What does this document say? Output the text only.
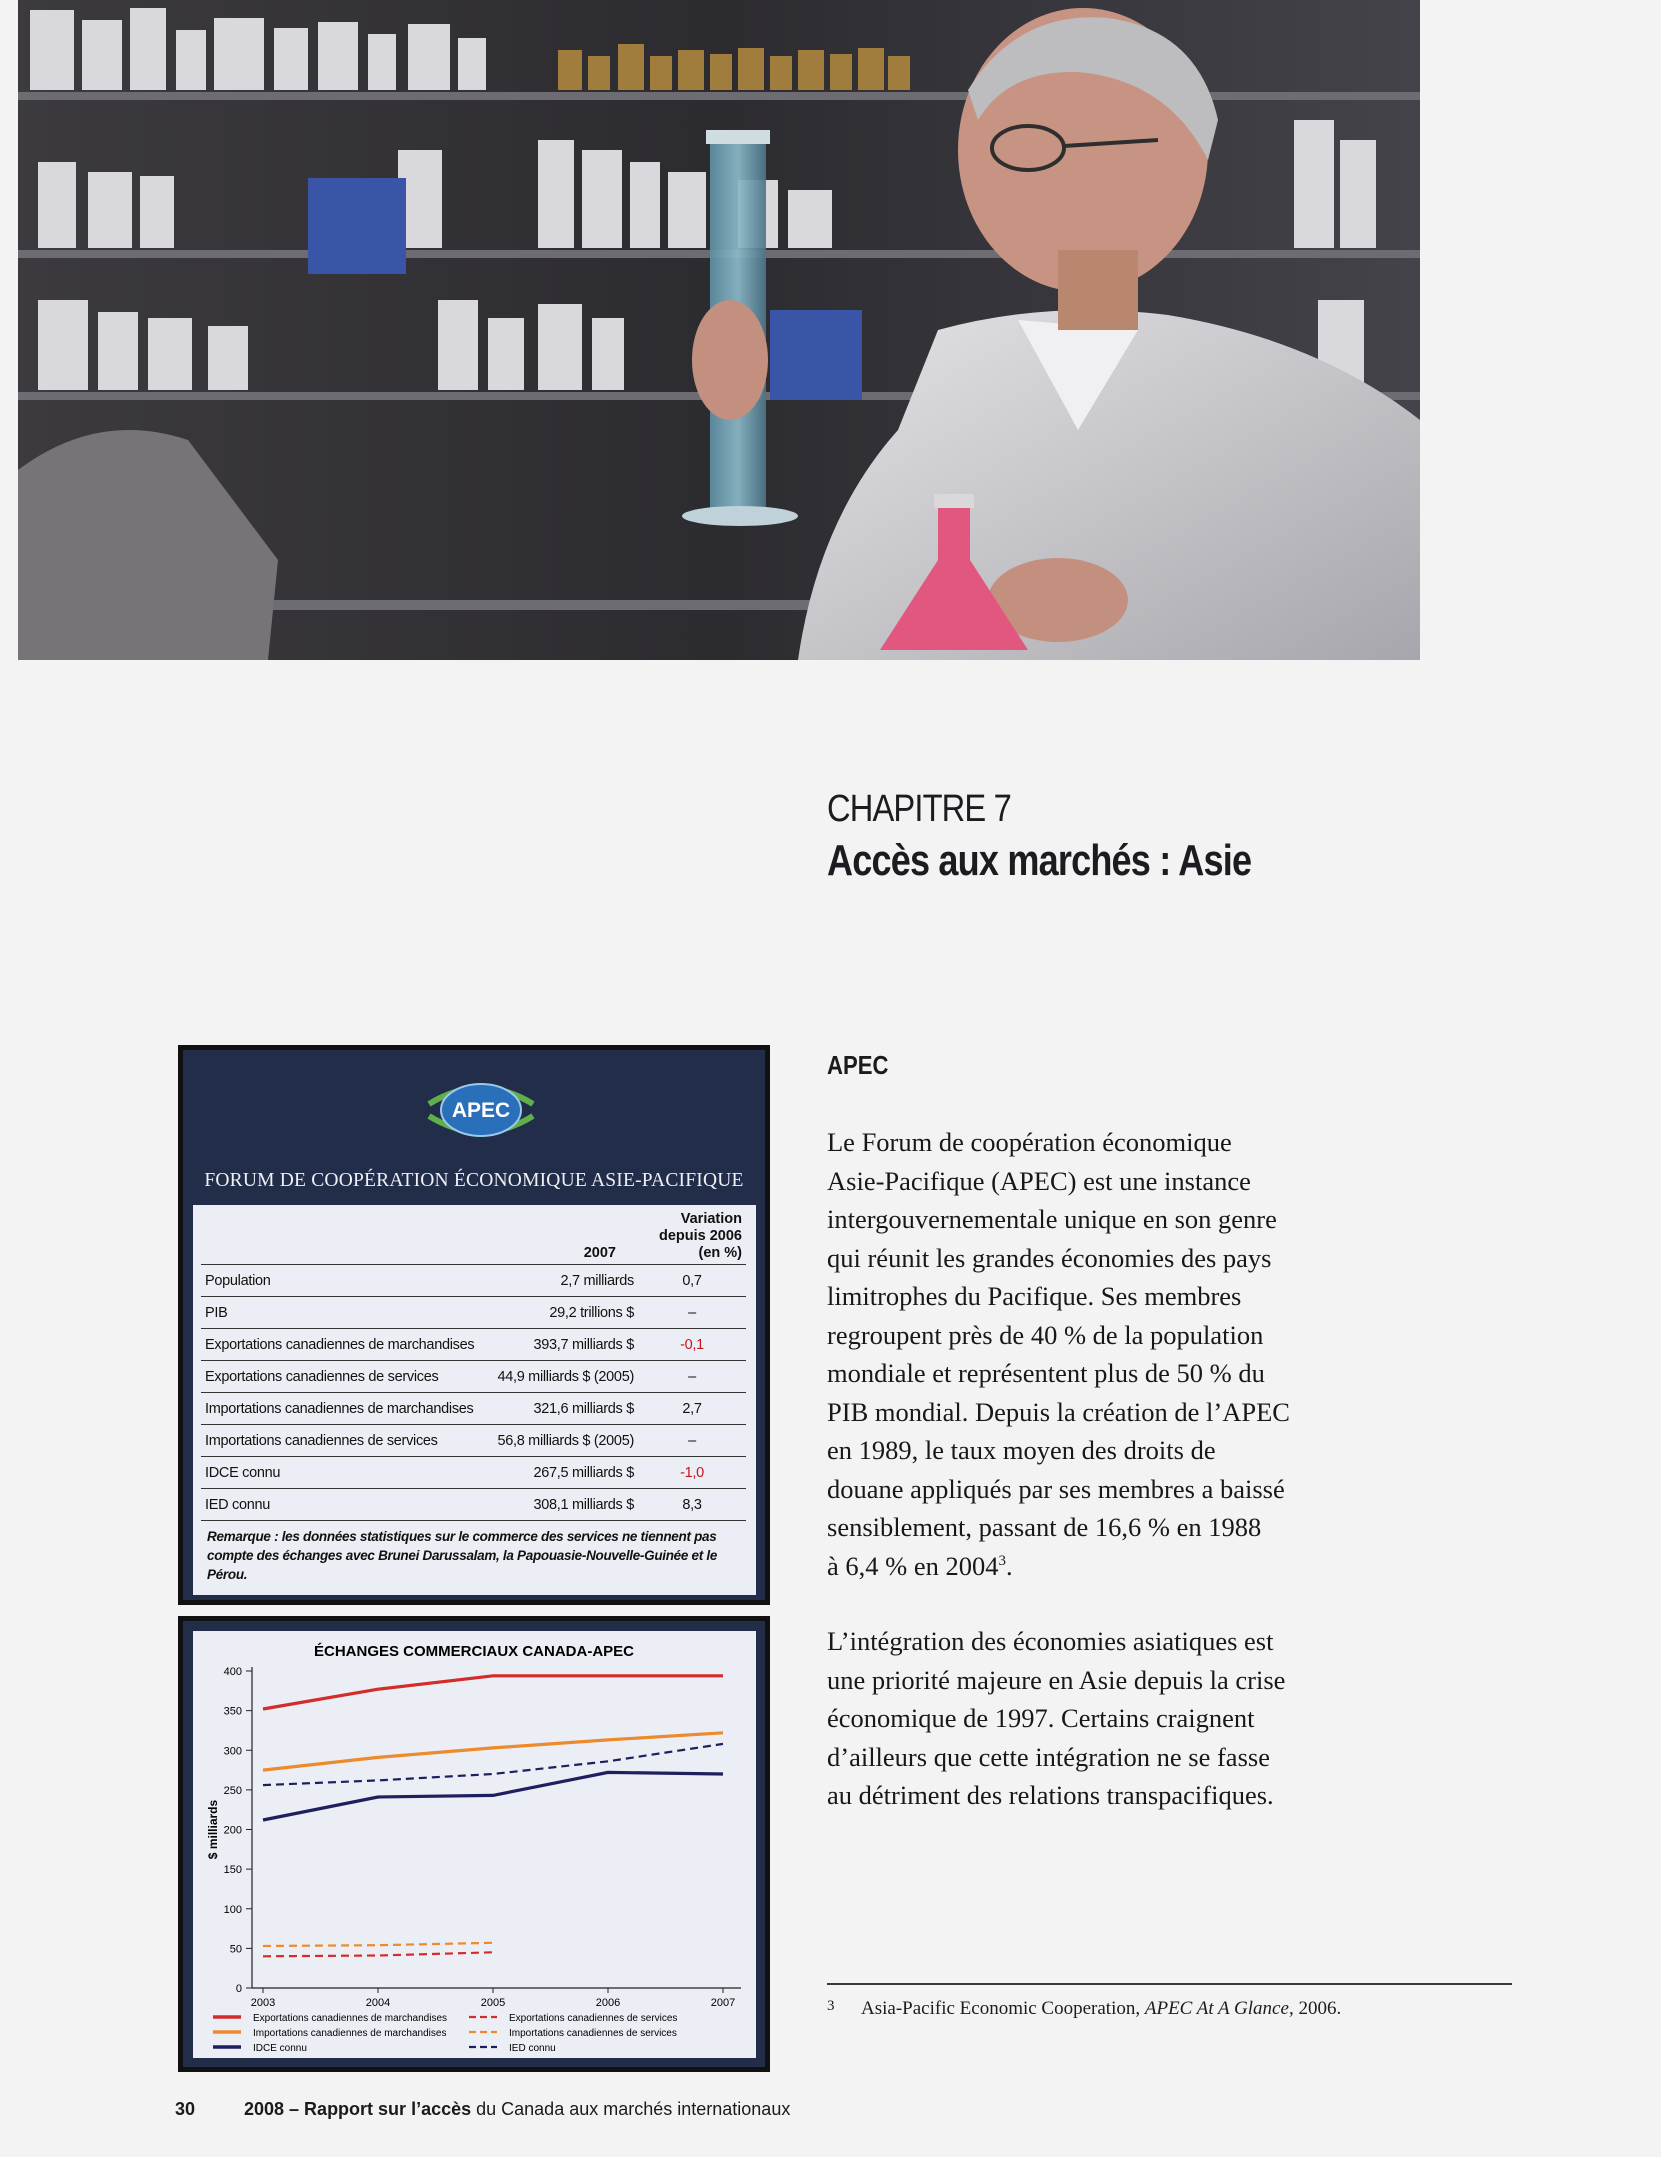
CHAPITRE 7
Accès aux marchés : Asie
APEC
Le Forum de coopération économique
Asie-Pacifique (APEC) est une instance
intergouvernementale unique en son genre
qui réunit les grandes économies des pays
limitrophes du Pacifique. Ses membres
regroupent près de 40 % de la population
mondiale et représentent plus de 50 % du
PIB mondial. Depuis la création de l’APEC
en 1989, le taux moyen des droits de
douane appliqués par ses membres a baissé
sensiblement, passant de 16,6 % en 1988
à 6,4 % en 2004$^3$.
L’intégration des économies asiatiques est
une priorité majeure en Asie depuis la crise
économique de 1997. Certains craignent
d’ailleurs que cette intégration ne se fasse
au détriment des relations transpacifiques.
3 Asia-Pacific Economic Cooperation, APEC At A Glance, 2006.
APEC
FORUM DE COOPÉRATION ÉCONOMIQUE ASIE-PACIFIQUE
	2007	Variation depuis 2006 (en %)
Population	2,7 milliards	0,7
PIB	29,2 trillions $	–
Exportations canadiennes de marchandises	393,7 milliards $	-0,1
Exportations canadiennes de services	44,9 milliards $ (2005)	–
Importations canadiennes de marchandises	321,6 milliards $	2,7
Importations canadiennes de services	56,8 milliards $ (2005)	–
IDCE connu	267,5 milliards $	-1,0
IED connu	308,1 milliards $	8,3
Remarque : les données statistiques sur le commerce des services ne tiennent pas compte des échanges avec Brunei Darussalam, la Papouasie-Nouvelle-Guinée et le Pérou.
ÉCHANGES COMMERCIAUX CANADA-APEC
0
50
100
150
200
250
300
350
400
2003	2004	2005	2006	2007
$ milliards
Exportations canadiennes de marchandises
Importations canadiennes de marchandises
IDCE connu
Exportations canadiennes de services
Importations canadiennes de services
IED connu
30	2008 – Rapport sur l’accès du Canada aux marchés internationaux
